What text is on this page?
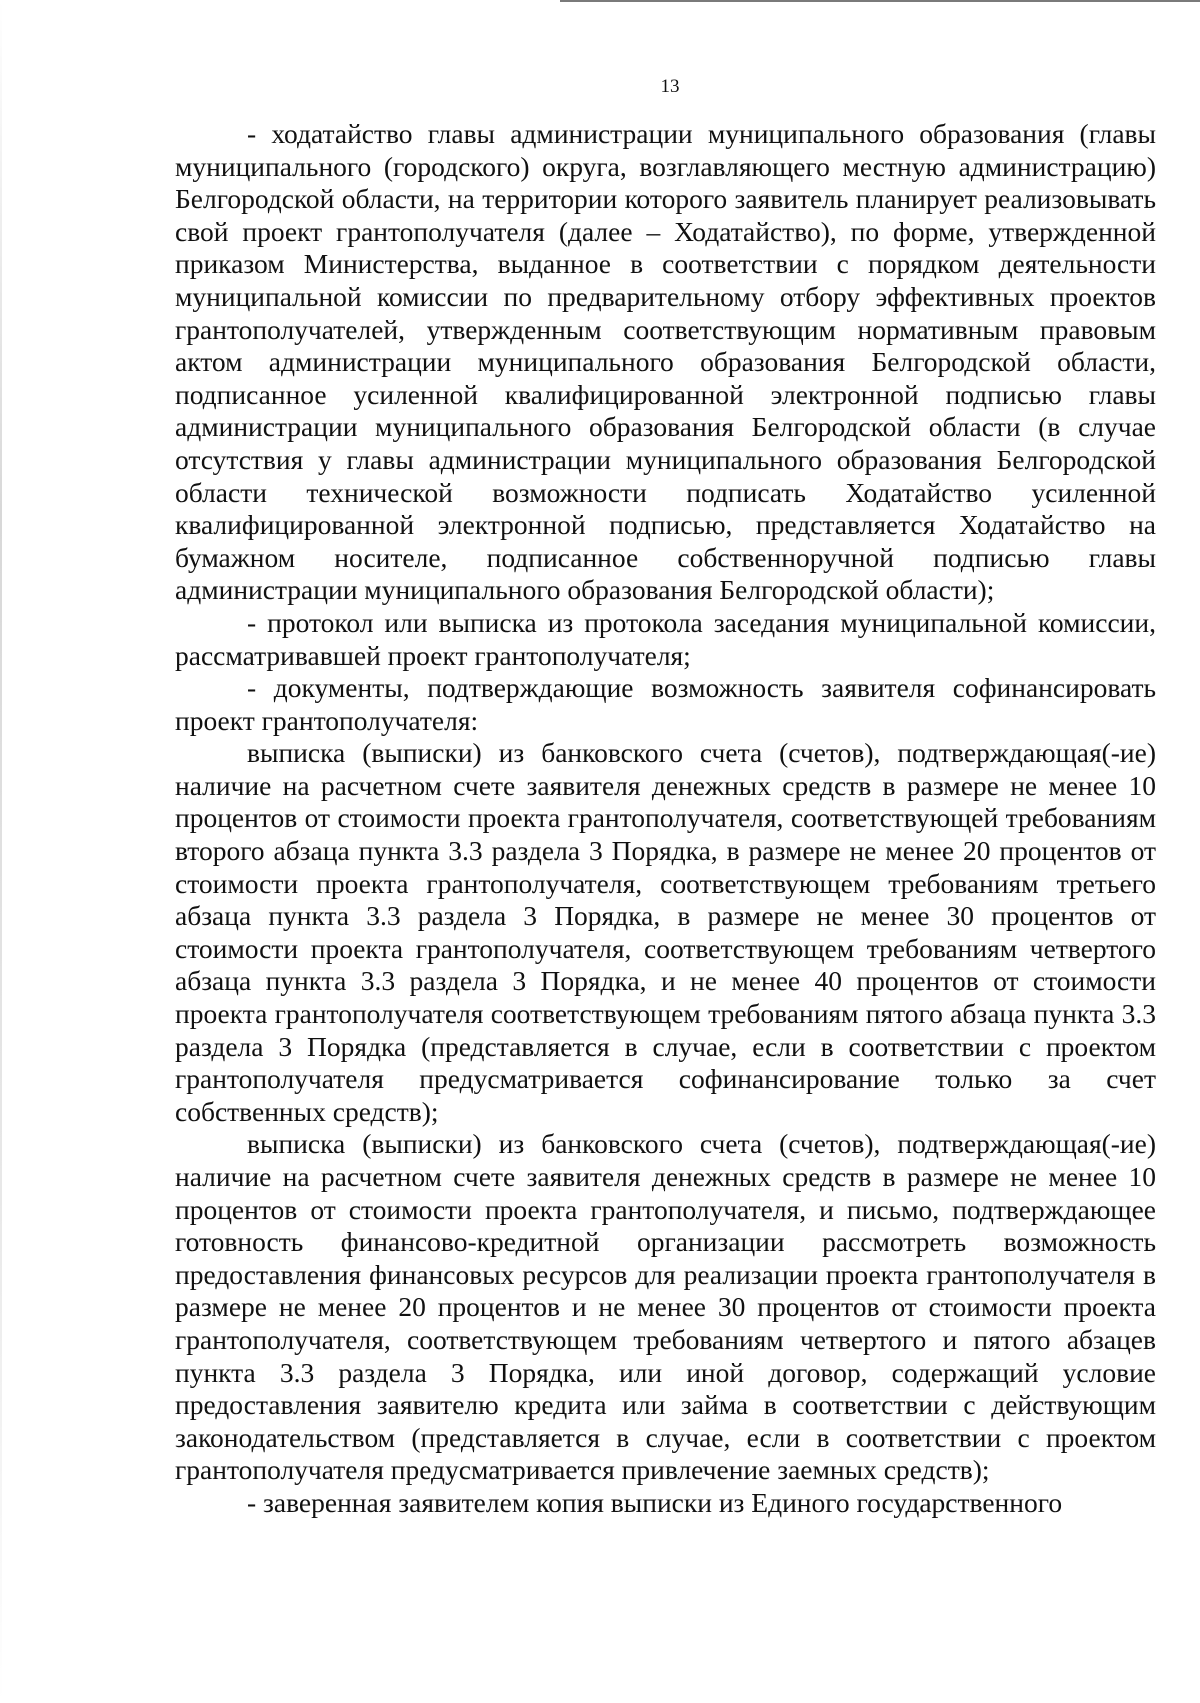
13

- ходатайство главы администрации муниципального образования (главы муниципального (городского) округа, возглавляющего местную администрацию) Белгородской области, на территории которого заявитель планирует реализовывать свой проект грантополучателя (далее – Ходатайство), по форме, утвержденной приказом Министерства, выданное в соответствии с порядком деятельности муниципальной комиссии по предварительному отбору эффективных проектов грантополучателей, утвержденным соответствующим нормативным правовым актом администрации муниципального образования Белгородской области, подписанное усиленной квалифицированной электронной подписью главы администрации муниципального образования Белгородской области (в случае отсутствия у главы администрации муниципального образования Белгородской области технической возможности подписать Ходатайство усиленной квалифицированной электронной подписью, представляется Ходатайство на бумажном носителе, подписанное собственноручной подписью главы администрации муниципального образования Белгородской области);

- протокол или выписка из протокола заседания муниципальной комиссии, рассматривавшей проект грантополучателя;

- документы, подтверждающие возможность заявителя софинансировать проект грантополучателя:

выписка (выписки) из банковского счета (счетов), подтверждающая(-ие) наличие на расчетном счете заявителя денежных средств в размере не менее 10 процентов от стоимости проекта грантополучателя, соответствующей требованиям второго абзаца пункта 3.3 раздела 3 Порядка, в размере не менее 20 процентов от стоимости проекта грантополучателя, соответствующем требованиям третьего абзаца пункта 3.3 раздела 3 Порядка, в размере не менее 30 процентов от стоимости проекта грантополучателя, соответствующем требованиям четвертого абзаца пункта 3.3 раздела 3 Порядка, и не менее 40 процентов от стоимости проекта грантополучателя соответствующем требованиям пятого абзаца пункта 3.3 раздела 3 Порядка (представляется в случае, если в соответствии с проектом грантополучателя предусматривается софинансирование только за счет собственных средств);

выписка (выписки) из банковского счета (счетов), подтверждающая(-ие) наличие на расчетном счете заявителя денежных средств в размере не менее 10 процентов от стоимости проекта грантополучателя, и письмо, подтверждающее готовность финансово-кредитной организации рассмотреть возможность предоставления финансовых ресурсов для реализации проекта грантополучателя в размере не менее 20 процентов и не менее 30 процентов от стоимости проекта грантополучателя, соответствующем требованиям четвертого и пятого абзацев пункта 3.3 раздела 3 Порядка, или иной договор, содержащий условие предоставления заявителю кредита или займа в соответствии с действующим законодательством (представляется в случае, если в соответствии с проектом грантополучателя предусматривается привлечение заемных средств);

- заверенная заявителем копия выписки из Единого государственного
